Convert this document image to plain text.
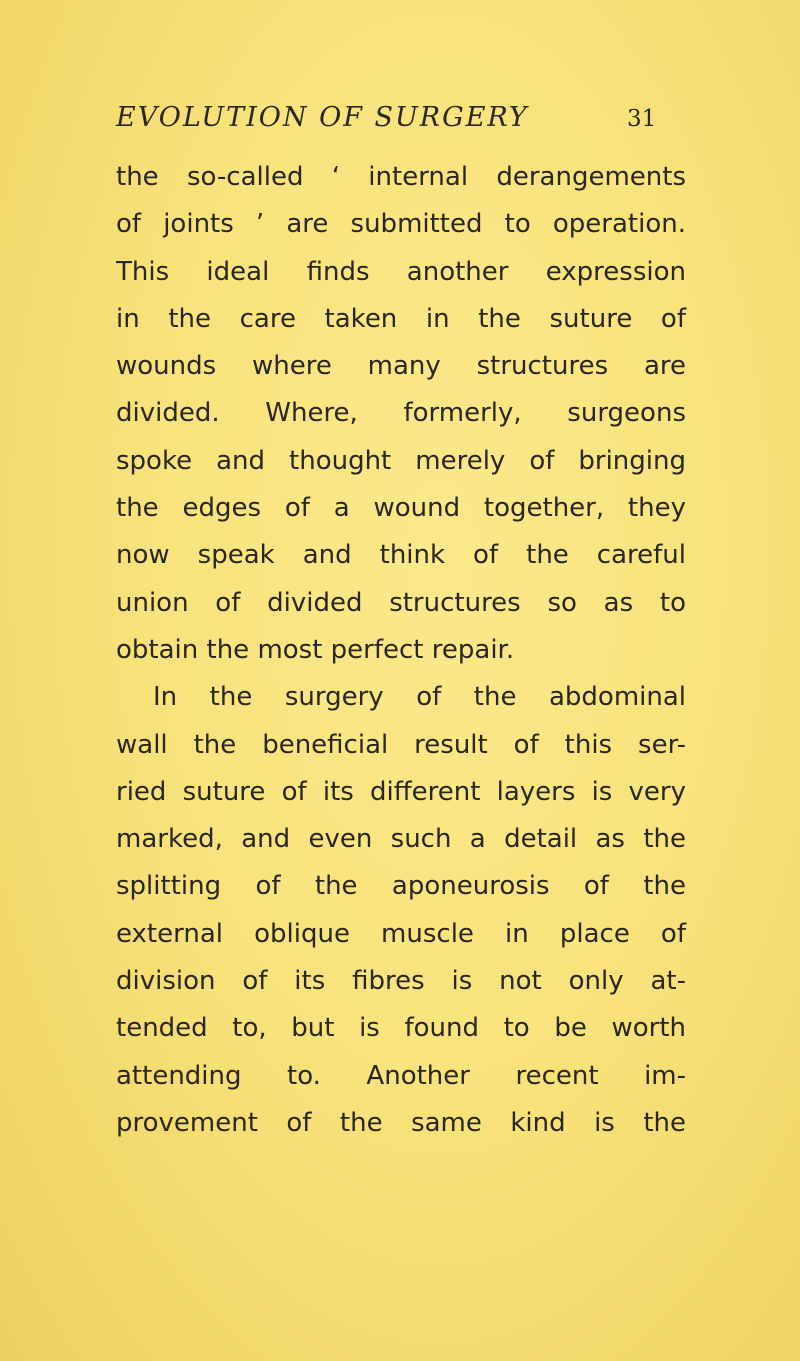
EVOLUTION OF SURGERY	31
the so-called ‘ internal derangements
of joints ’ are submitted to operation.
This ideal finds another expression
in the care taken in the suture of
wounds where many structures are
divided. Where, formerly, surgeons
spoke and thought merely of bringing
the edges of a wound together, they
now speak and think of the careful
union of divided structures so as to
obtain the most perfect repair.
In the surgery of the abdominal
wall the beneficial result of this ser-
ried suture of its different layers is very
marked, and even such a detail as the
splitting of the aponeurosis of the
external oblique muscle in place of
division of its fibres is not only at-
tended to, but is found to be worth
attending to. Another recent im-
provement of the same kind is the
